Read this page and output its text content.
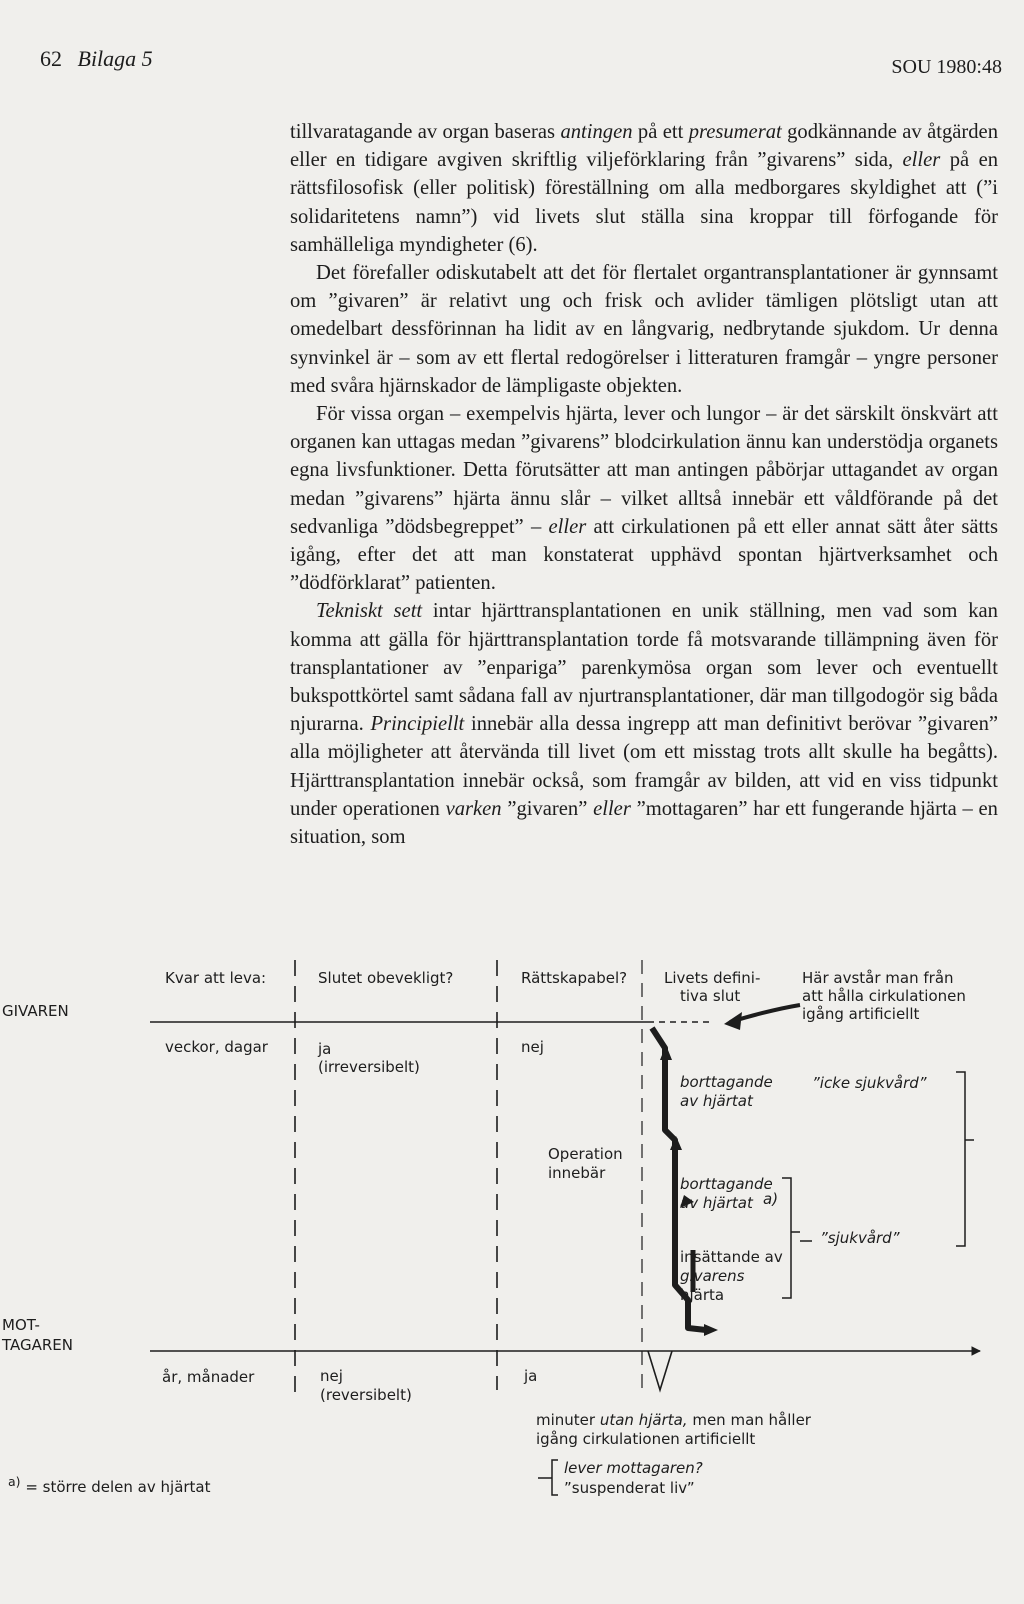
62 Bilaga 5	SOU 1980:48

tillvaratagande av organ baseras antingen på ett presumerat godkännande av åtgärden eller en tidigare avgiven skriftlig viljeförklaring från ”givarens” sida, eller på en rättsfilosofisk (eller politisk) föreställning om alla medborgares skyldighet att (”i solidaritetens namn”) vid livets slut ställa sina kroppar till förfogande för samhälleliga myndigheter (6).

Det förefaller odiskutabelt att det för flertalet organtransplantationer är gynnsamt om ”givaren” är relativt ung och frisk och avlider tämligen plötsligt utan att omedelbart dessförinnan ha lidit av en långvarig, nedbrytande sjukdom. Ur denna synvinkel är – som av ett flertal redogörelser i litteraturen framgår – yngre personer med svåra hjärnskador de lämpligaste objekten.

För vissa organ – exempelvis hjärta, lever och lungor – är det särskilt önskvärt att organen kan uttagas medan ”givarens” blodcirkulation ännu kan understödja organets egna livsfunktioner. Detta förutsätter att man antingen påbörjar uttagandet av organ medan ”givarens” hjärta ännu slår – vilket alltså innebär ett våldförande på det sedvanliga ”dödsbegreppet” – eller att cirkulationen på ett eller annat sätt åter sätts igång, efter det att man konstaterat upphävd spontan hjärtverksamhet och ”dödförklarat” patienten.

Tekniskt sett intar hjärttransplantationen en unik ställning, men vad som kan komma att gälla för hjärttransplantation torde få motsvarande tillämpning även för transplantationer av ”enpariga” parenkymösa organ som lever och eventuellt bukspottkörtel samt sådana fall av njurtransplantationer, där man tillgodogör sig båda njurarna. Principiellt innebär alla dessa ingrepp att man definitivt berövar ”givaren” alla möjligheter att återvända till livet (om ett misstag trots allt skulle ha begåtts). Hjärttransplantation innebär också, som framgår av bilden, att vid en viss tidpunkt under operationen varken ”givaren” eller ”mottagaren” har ett fungerande hjärta – en situation, som

GIVAREN
MOT-
TAGAREN
Kvar att leva:
veckor, dagar
år, månader
Slutet obevekligt?
ja
(irreversibelt)
nej
(reversibelt)
Rättskapabel?
nej
Operation
innebär
ja
Livets defini-
tiva slut
Här avstår man från
att hålla cirkulationen
igång artificiellt
borttagande
av hjärtat
”icke sjukvård”
borttagande
av hjärtat a)
”sjukvård”
insättande av
givarens
hjärta
minuter utan hjärta, men man håller
igång cirkulationen artificiellt
lever mottagaren?
”suspenderat liv”
$^{a)}$ = större delen av hjärtat
